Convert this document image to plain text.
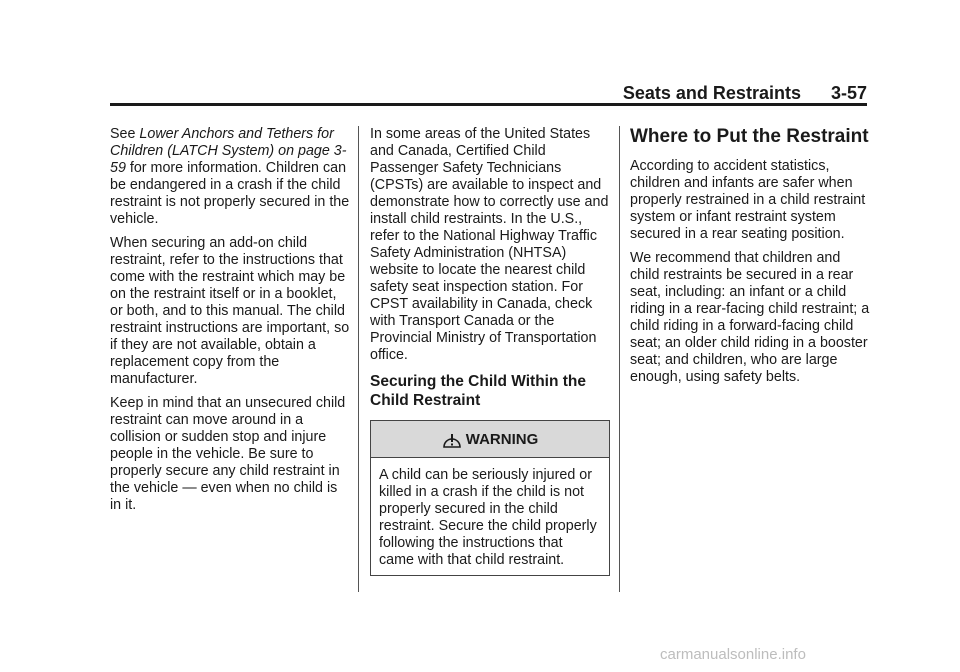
Seats and Restraints 3-57

See Lower Anchors and Tethers for Children (LATCH System) on page 3-59 for more information. Children can be endangered in a crash if the child restraint is not properly secured in the vehicle.

When securing an add-on child restraint, refer to the instructions that come with the restraint which may be on the restraint itself or in a booklet, or both, and to this manual. The child restraint instructions are important, so if they are not available, obtain a replacement copy from the manufacturer.

Keep in mind that an unsecured child restraint can move around in a collision or sudden stop and injure people in the vehicle. Be sure to properly secure any child restraint in the vehicle — even when no child is in it.

In some areas of the United States and Canada, Certified Child Passenger Safety Technicians (CPSTs) are available to inspect and demonstrate how to correctly use and install child restraints. In the U.S., refer to the National Highway Traffic Safety Administration (NHTSA) website to locate the nearest child safety seat inspection station. For CPST availability in Canada, check with Transport Canada or the Provincial Ministry of Transportation office.

Securing the Child Within the Child Restraint
WARNING
A child can be seriously injured or killed in a crash if the child is not properly secured in the child restraint. Secure the child properly following the instructions that came with that child restraint.
Where to Put the Restraint

According to accident statistics, children and infants are safer when properly restrained in a child restraint system or infant restraint system secured in a rear seating position.

We recommend that children and child restraints be secured in a rear seat, including: an infant or a child riding in a rear-facing child restraint; a child riding in a forward-facing child seat; an older child riding in a booster seat; and children, who are large enough, using safety belts.

carmanualsonline.info
